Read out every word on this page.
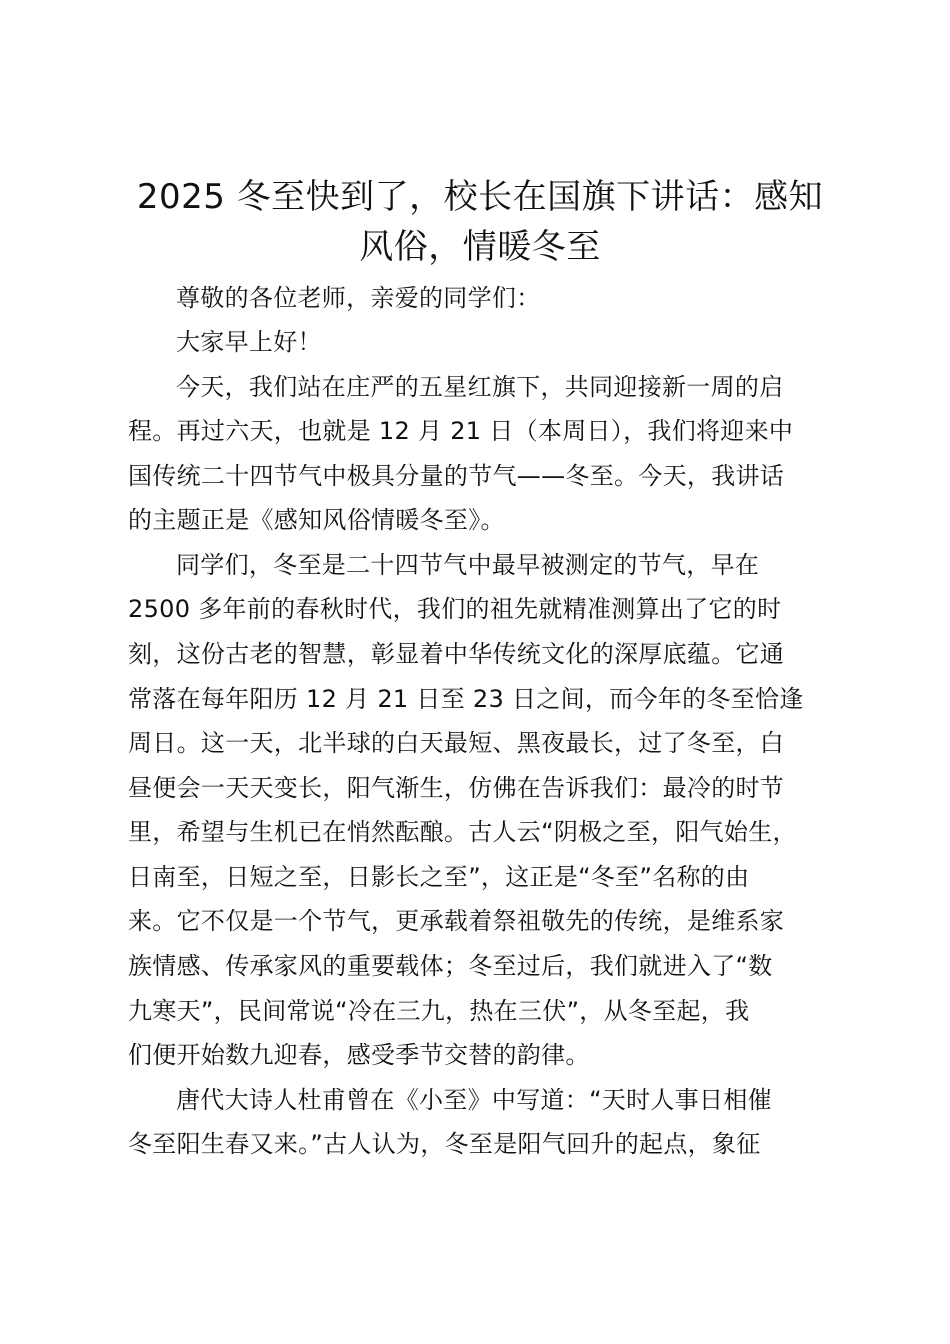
2025 冬至快到了，校长在国旗下讲话：感知
风俗，情暖冬至
尊敬的各位老师，亲爱的同学们：
大家早上好！
今天，我们站在庄严的五星红旗下，共同迎接新一周的启
程。再过六天，也就是 12 月 21 日（本周日），我们将迎来中
国传统二十四节气中极具分量的节气——冬至。今天，我讲话
的主题正是《感知风俗情暖冬至》。
同学们，冬至是二十四节气中最早被测定的节气，早在
2500 多年前的春秋时代，我们的祖先就精准测算出了它的时
刻，这份古老的智慧，彰显着中华传统文化的深厚底蕴。它通
常落在每年阳历 12 月 21 日至 23 日之间，而今年的冬至恰逢
周日。这一天，北半球的白天最短、黑夜最长，过了冬至，白
昼便会一天天变长，阳气渐生，仿佛在告诉我们：最冷的时节
里，希望与生机已在悄然酝酿。古人云“阴极之至，阳气始生，
日南至，日短之至，日影长之至”，这正是“冬至”名称的由
来。它不仅是一个节气，更承载着祭祖敬先的传统，是维系家
族情感、传承家风的重要载体；冬至过后，我们就进入了“数
九寒天”，民间常说“冷在三九，热在三伏”，从冬至起，我
们便开始数九迎春，感受季节交替的韵律。
唐代大诗人杜甫曾在《小至》中写道：“天时人事日相催
冬至阳生春又来。”古人认为，冬至是阳气回升的起点，象征
